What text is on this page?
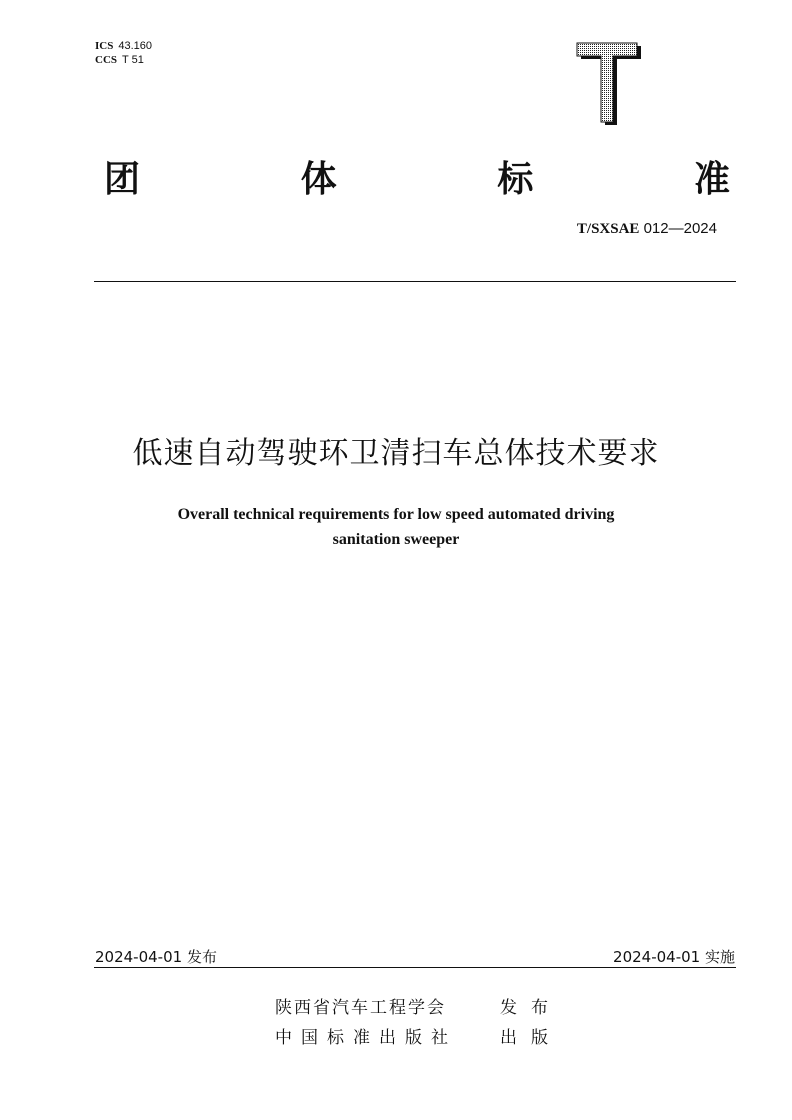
ICS 43.160
CCS T 51
团	体	标	准
T/SXSAE 012—2024
低速自动驾驶环卫清扫车总体技术要求
Overall technical requirements for low speed automated driving
sanitation sweeper
2024-04-01 发布	2024-04-01 实施
陕西省汽车工程学会	发布
中国标准出版社	出版
